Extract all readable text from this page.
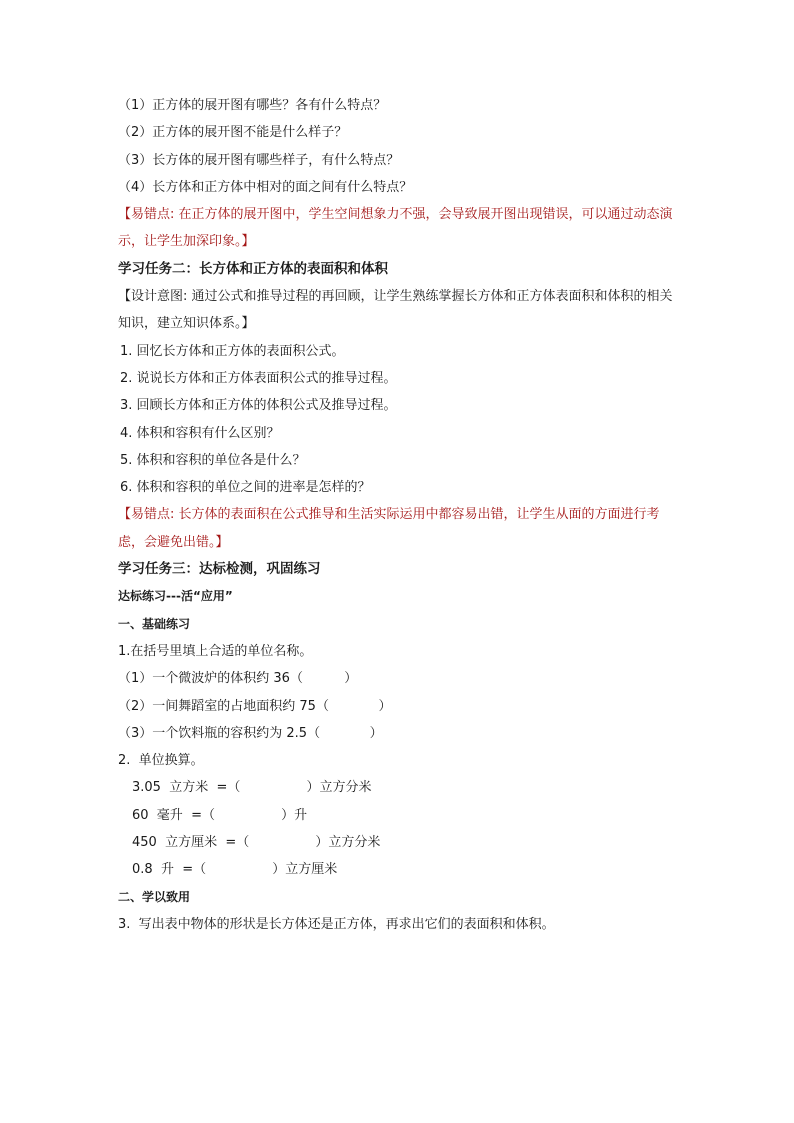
（1）正方体的展开图有哪些？各有什么特点？
（2）正方体的展开图不能是什么样子？
（3）长方体的展开图有哪些样子，有什么特点？
（4）长方体和正方体中相对的面之间有什么特点？
【易错点: 在正方体的展开图中，学生空间想象力不强，会导致展开图出现错误，可以通过动态演示，让学生加深印象。】
学习任务二：长方体和正方体的表面积和体积
【设计意图: 通过公式和推导过程的再回顾，让学生熟练掌握长方体和正方体表面积和体积的相关知识，建立知识体系。】
1. 回忆长方体和正方体的表面积公式。
2. 说说长方体和正方体表面积公式的推导过程。
3. 回顾长方体和正方体的体积公式及推导过程。
4. 体积和容积有什么区别？
5. 体积和容积的单位各是什么？
6. 体积和容积的单位之间的进率是怎样的？
【易错点: 长方体的表面积在公式推导和生活实际运用中都容易出错，让学生从面的方面进行考虑，会避免出错。】
学习任务三：达标检测，巩固练习
达标练习---活“应用”
一、基础练习
1.在括号里填上合适的单位名称。
（1）一个微波炉的体积约 36（          ）
（2）一间舞蹈室的占地面积约 75（            ）
（3）一个饮料瓶的容积约为 2.5（            ）
2.  单位换算。
3.05  立方米  =（                ）立方分米
60  毫升  =（                ）升
450  立方厘米  =（                ）立方分米
0.8  升  =（                ）立方厘米
二、学以致用
3.  写出表中物体的形状是长方体还是正方体，再求出它们的表面积和体积。
